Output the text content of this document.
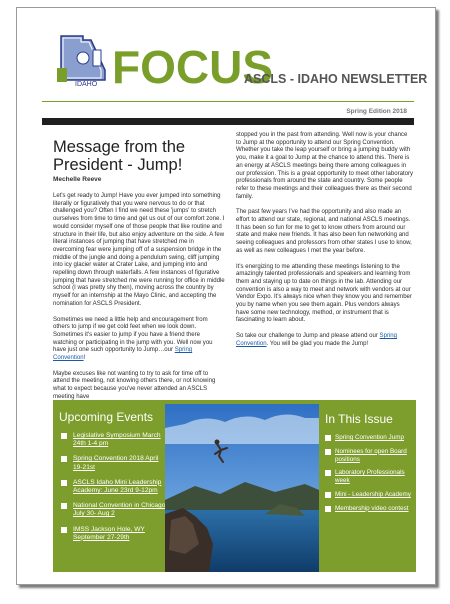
IDAHO FOCUS
ASCLS - IDAHO NEWSLETTER
Spring Edition 2018
Message from the
President - Jump!
Mechelle Reeve

Let's get ready to Jump! Have you ever jumped into something literally or figuratively that you were nervous to do or that challenged you? Often I find we need these 'jumps' to stretch ourselves from time to time and get us out of our comfort zone. I would consider myself one of those people that like routine and structure in their life, but also enjoy adventure on the side. A few literal instances of jumping that have stretched me in overcoming fear were jumping off of a suspension bridge in the middle of the jungle and doing a pendulum swing, cliff jumping into icy glacier water at Crater Lake, and jumping into and repelling down through waterfalls. A few instances of figurative jumping that have stretched me were running for office in middle school (I was pretty shy then), moving across the country by myself for an internship at the Mayo Clinic, and accepting the nomination for ASCLS President.

Sometimes we need a little help and encouragement from others to jump if we get cold feet when we look down. Sometimes it's easier to jump if you have a friend there watching or participating in the jump with you. Well now you have just one such opportunity to Jump…our Spring Convention!

Maybe excuses like not wanting to try to ask for time off to attend the meeting, not knowing others there, or not knowing what to expect because you've never attended an ASCLS meeting have

stopped you in the past from attending. Well now is your chance to Jump at the opportunity to attend our Spring Convention. Whether you take the leap yourself or bring a jumping buddy with you, make it a goal to Jump at the chance to attend this. There is an energy at ASCLS meetings being there among colleagues in our profession. This is a great opportunity to meet other laboratory professionals from around the state and country. Some people refer to these meetings and their colleagues there as their second family.

The past few years I've had the opportunity and also made an effort to attend our state, regional, and national ASCLS meetings. It has been so fun for me to get to know others from around our state and make new friends. It has also been fun networking and seeing colleagues and professors from other states I use to know, as well as new colleagues I met the year before.

It's energizing to me attending these meetings listening to the amazingly talented professionals and speakers and learning from them and staying up to date on things in the lab. Attending our convention is also a way to meet and network with vendors at our Vendor Expo. It's always nice when they know you and remember you by name when you see them again. Plus vendors always have some new technology, method, or instrument that is fascinating to learn about.

So take our challenge to Jump and please attend our Spring Convention. You will be glad you made the Jump!

Upcoming Events
Legislative Symposium March 24th 1-4 pm
Spring Convention 2018 April 19-21st
ASCLS Idaho Mini Leadership Academy: June 23rd 9-12pm
National Convention in Chicago July 30- Aug 2
IMSS Jackson Hole, WY September 27-29th
In This Issue
Spring Convention Jump
Nominees for open Board positions
Laboratory Professionals week
Mini - Leadership Academy
Membership video contest
